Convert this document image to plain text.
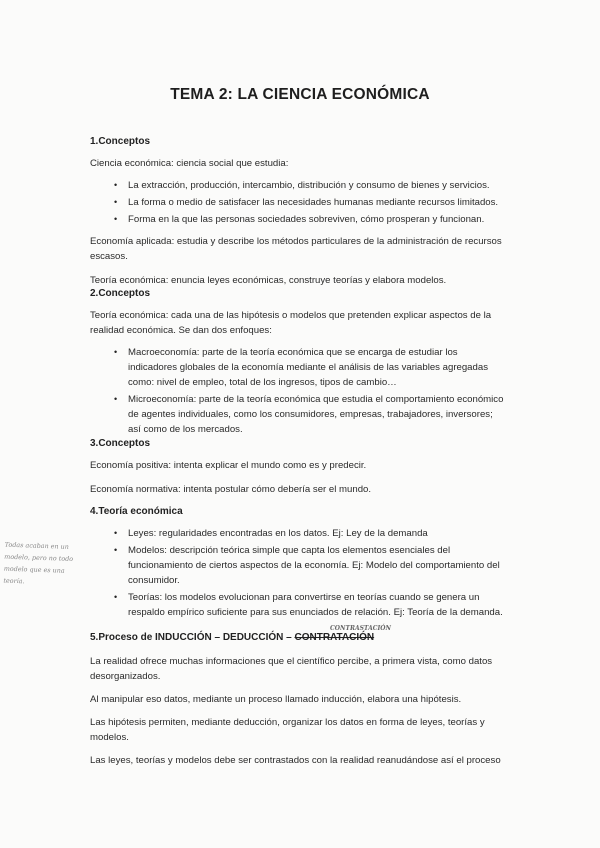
TEMA 2: LA CIENCIA ECONÓMICA
1.Conceptos
Ciencia económica: ciencia social que estudia:
• La extracción, producción, intercambio, distribución y consumo de bienes y servicios.
• La forma o medio de satisfacer las necesidades humanas mediante recursos limitados.
• Forma en la que las personas sociedades sobreviven, cómo prosperan y funcionan.
Economía aplicada: estudia y describe los métodos particulares de la administración de recursos escasos.
Teoría económica: enuncia leyes económicas, construye teorías y elabora modelos.
2.Conceptos
Teoría económica: cada una de las hipótesis o modelos que pretenden explicar aspectos de la realidad económica. Se dan dos enfoques:
• Macroeconomía: parte de la teoría económica que se encarga de estudiar los indicadores globales de la economía mediante el análisis de las variables agregadas como: nivel de empleo, total de los ingresos, tipos de cambio…
• Microeconomía: parte de la teoría económica que estudia el comportamiento económico de agentes individuales, como los consumidores, empresas, trabajadores, inversores; así como de los mercados.
3.Conceptos
Economía positiva: intenta explicar el mundo como es y predecir.
Economía normativa: intenta postular cómo debería ser el mundo.
4.Teoría económica
• Leyes: regularidades encontradas en los datos. Ej: Ley de la demanda
• Modelos: descripción teórica simple que capta los elementos esenciales del funcionamiento de ciertos aspectos de la economía. Ej: Modelo del comportamiento del consumidor.
• Teorías: los modelos evolucionan para convertirse en teorías cuando se genera un respaldo empírico suficiente para sus enunciados de relación. Ej: Teoría de la demanda.
Todas acaban en un modelo, pero no todo modelo que es una teoría.
5.Proceso de INDUCCIÓN – DEDUCCIÓN – CONTRATACIÓN
CONTRASTACIÓN
La realidad ofrece muchas informaciones que el científico percibe, a primera vista, como datos desorganizados.
Al manipular eso datos, mediante un proceso llamado inducción, elabora una hipótesis.
Las hipótesis permiten, mediante deducción, organizar los datos en forma de leyes, teorías y modelos.
Las leyes, teorías y modelos debe ser contrastados con la realidad reanudándose así el proceso
